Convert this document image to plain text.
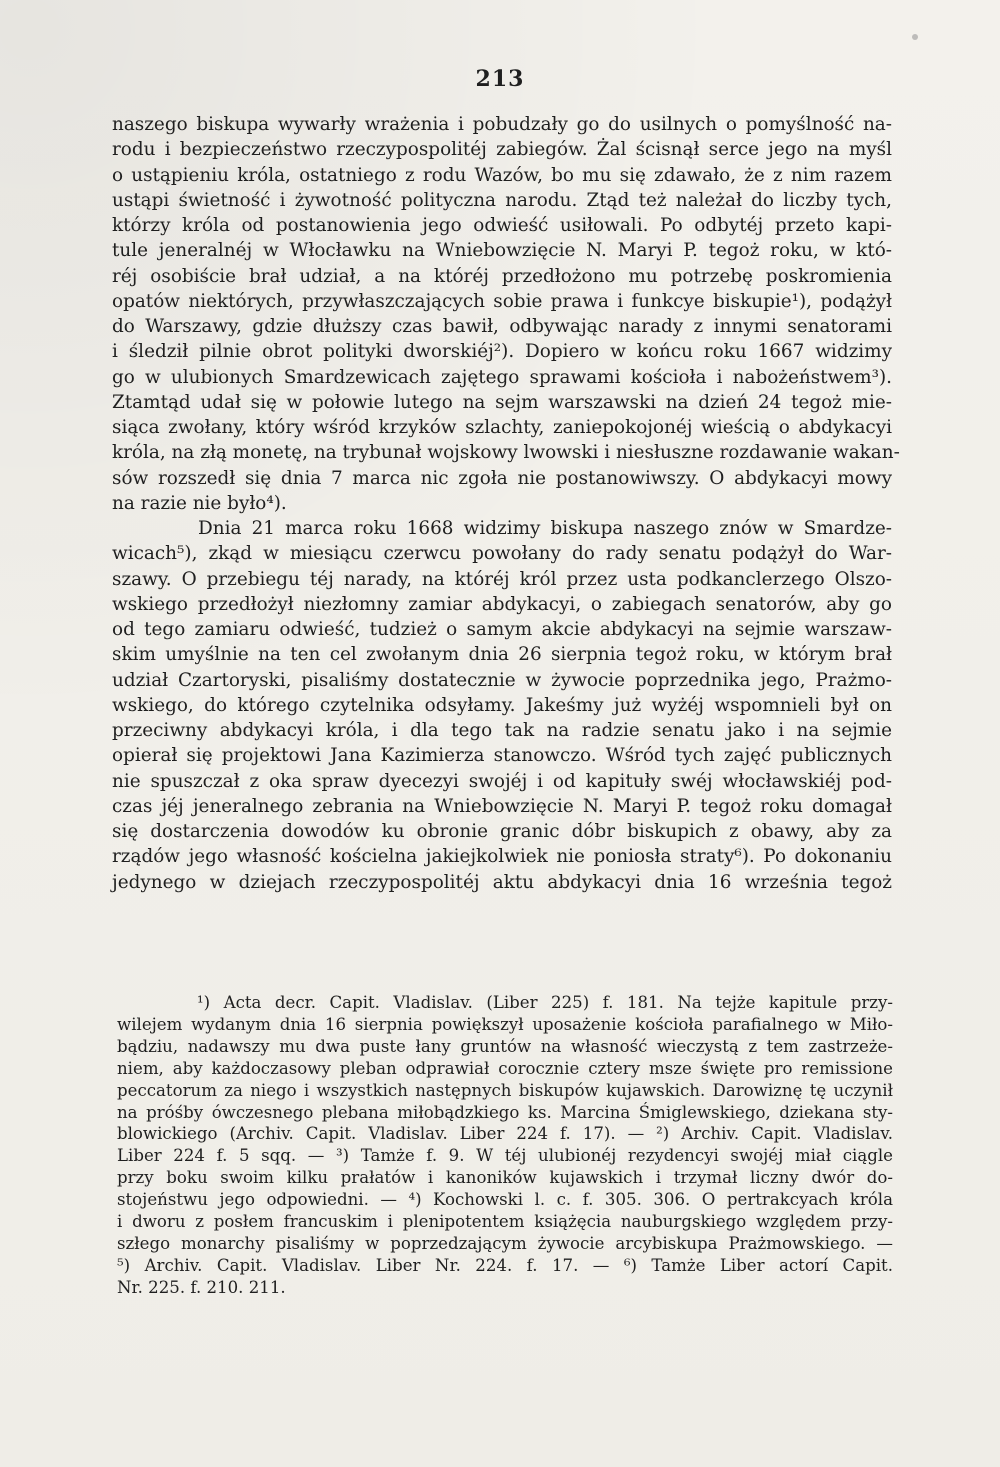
213
naszego biskupa wywarły wrażenia i pobudzały go do usilnych o pomyślność na-
rodu i bezpieczeństwo rzeczypospolitéj zabiegów. Żal ścisnął serce jego na myśl
o ustąpieniu króla, ostatniego z rodu Wazów, bo mu się zdawało, że z nim razem
ustąpi świetność i żywotność polityczna narodu. Ztąd też należał do liczby tych,
którzy króla od postanowienia jego odwieść usiłowali. Po odbytéj przeto kapi-
tule jeneralnéj w Włocławku na Wniebowzięcie N. Maryi P. tegoż roku, w któ-
réj osobiście brał udział, a na któréj przedłożono mu potrzebę poskromienia
opatów niektórych, przywłaszczających sobie prawa i funkcye biskupie¹), podążył
do Warszawy, gdzie dłuższy czas bawił, odbywając narady z innymi senatorami
i śledził pilnie obrot polityki dworskiéj²). Dopiero w końcu roku 1667 widzimy
go w ulubionych Smardzewicach zajętego sprawami kościoła i nabożeństwem³).
Ztamtąd udał się w połowie lutego na sejm warszawski na dzień 24 tegoż mie-
siąca zwołany, który wśród krzyków szlachty, zaniepokojonéj wieścią o abdykacyi
króla, na złą monetę, na trybunał wojskowy lwowski i niesłuszne rozdawanie wakan-
sów rozszedł się dnia 7 marca nic zgoła nie postanowiwszy. O abdykacyi mowy
na razie nie było⁴).
Dnia 21 marca roku 1668 widzimy biskupa naszego znów w Smardze-
wicach⁵), zkąd w miesiącu czerwcu powołany do rady senatu podążył do War-
szawy. O przebiegu téj narady, na któréj król przez usta podkanclerzego Olszo-
wskiego przedłożył niezłomny zamiar abdykacyi, o zabiegach senatorów, aby go
od tego zamiaru odwieść, tudzież o samym akcie abdykacyi na sejmie warszaw-
skim umyślnie na ten cel zwołanym dnia 26 sierpnia tegoż roku, w którym brał
udział Czartoryski, pisaliśmy dostatecznie w żywocie poprzednika jego, Prażmo-
wskiego, do którego czytelnika odsyłamy. Jakeśmy już wyżéj wspomnieli był on
przeciwny abdykacyi króla, i dla tego tak na radzie senatu jako i na sejmie
opierał się projektowi Jana Kazimierza stanowczo. Wśród tych zajęć publicznych
nie spuszczał z oka spraw dyecezyi swojéj i od kapituły swéj włocławskiéj pod-
czas jéj jeneralnego zebrania na Wniebowzięcie N. Maryi P. tegoż roku domagał
się dostarczenia dowodów ku obronie granic dóbr biskupich z obawy, aby za
rządów jego własność kościelna jakiejkolwiek nie poniosła straty⁶). Po dokonaniu
jedynego w dziejach rzeczypospolitéj aktu abdykacyi dnia 16 września tegoż
¹) Acta decr. Capit. Vladislav. (Liber 225) f. 181. Na tejże kapitule przy-
wilejem wydanym dnia 16 sierpnia powiększył uposażenie kościoła parafialnego w Miło-
bądziu, nadawszy mu dwa puste łany gruntów na własność wieczystą z tem zastrzeże-
niem, aby każdoczasowy pleban odprawiał corocznie cztery msze święte pro remissione
peccatorum za niego i wszystkich następnych biskupów kujawskich. Darowiznę tę uczynił
na próśby ówczesnego plebana miłobądzkiego ks. Marcina Śmiglewskiego, dziekana sty-
blowickiego (Archiv. Capit. Vladislav. Liber 224 f. 17). — ²) Archiv. Capit. Vladislav.
Liber 224 f. 5 sqq. — ³) Tamże f. 9. W téj ulubionéj rezydencyi swojéj miał ciągle
przy boku swoim kilku prałatów i kanoników kujawskich i trzymał liczny dwór do-
stojeństwu jego odpowiedni. — ⁴) Kochowski l. c. f. 305. 306. O pertrakcyach króla
i dworu z posłem francuskim i plenipotentem książęcia nauburgskiego względem przy-
szłego monarchy pisaliśmy w poprzedzającym żywocie arcybiskupa Prażmowskiego. —
⁵) Archiv. Capit. Vladislav. Liber Nr. 224. f. 17. — ⁶) Tamże Liber actorí Capit.
Nr. 225. f. 210. 211.
